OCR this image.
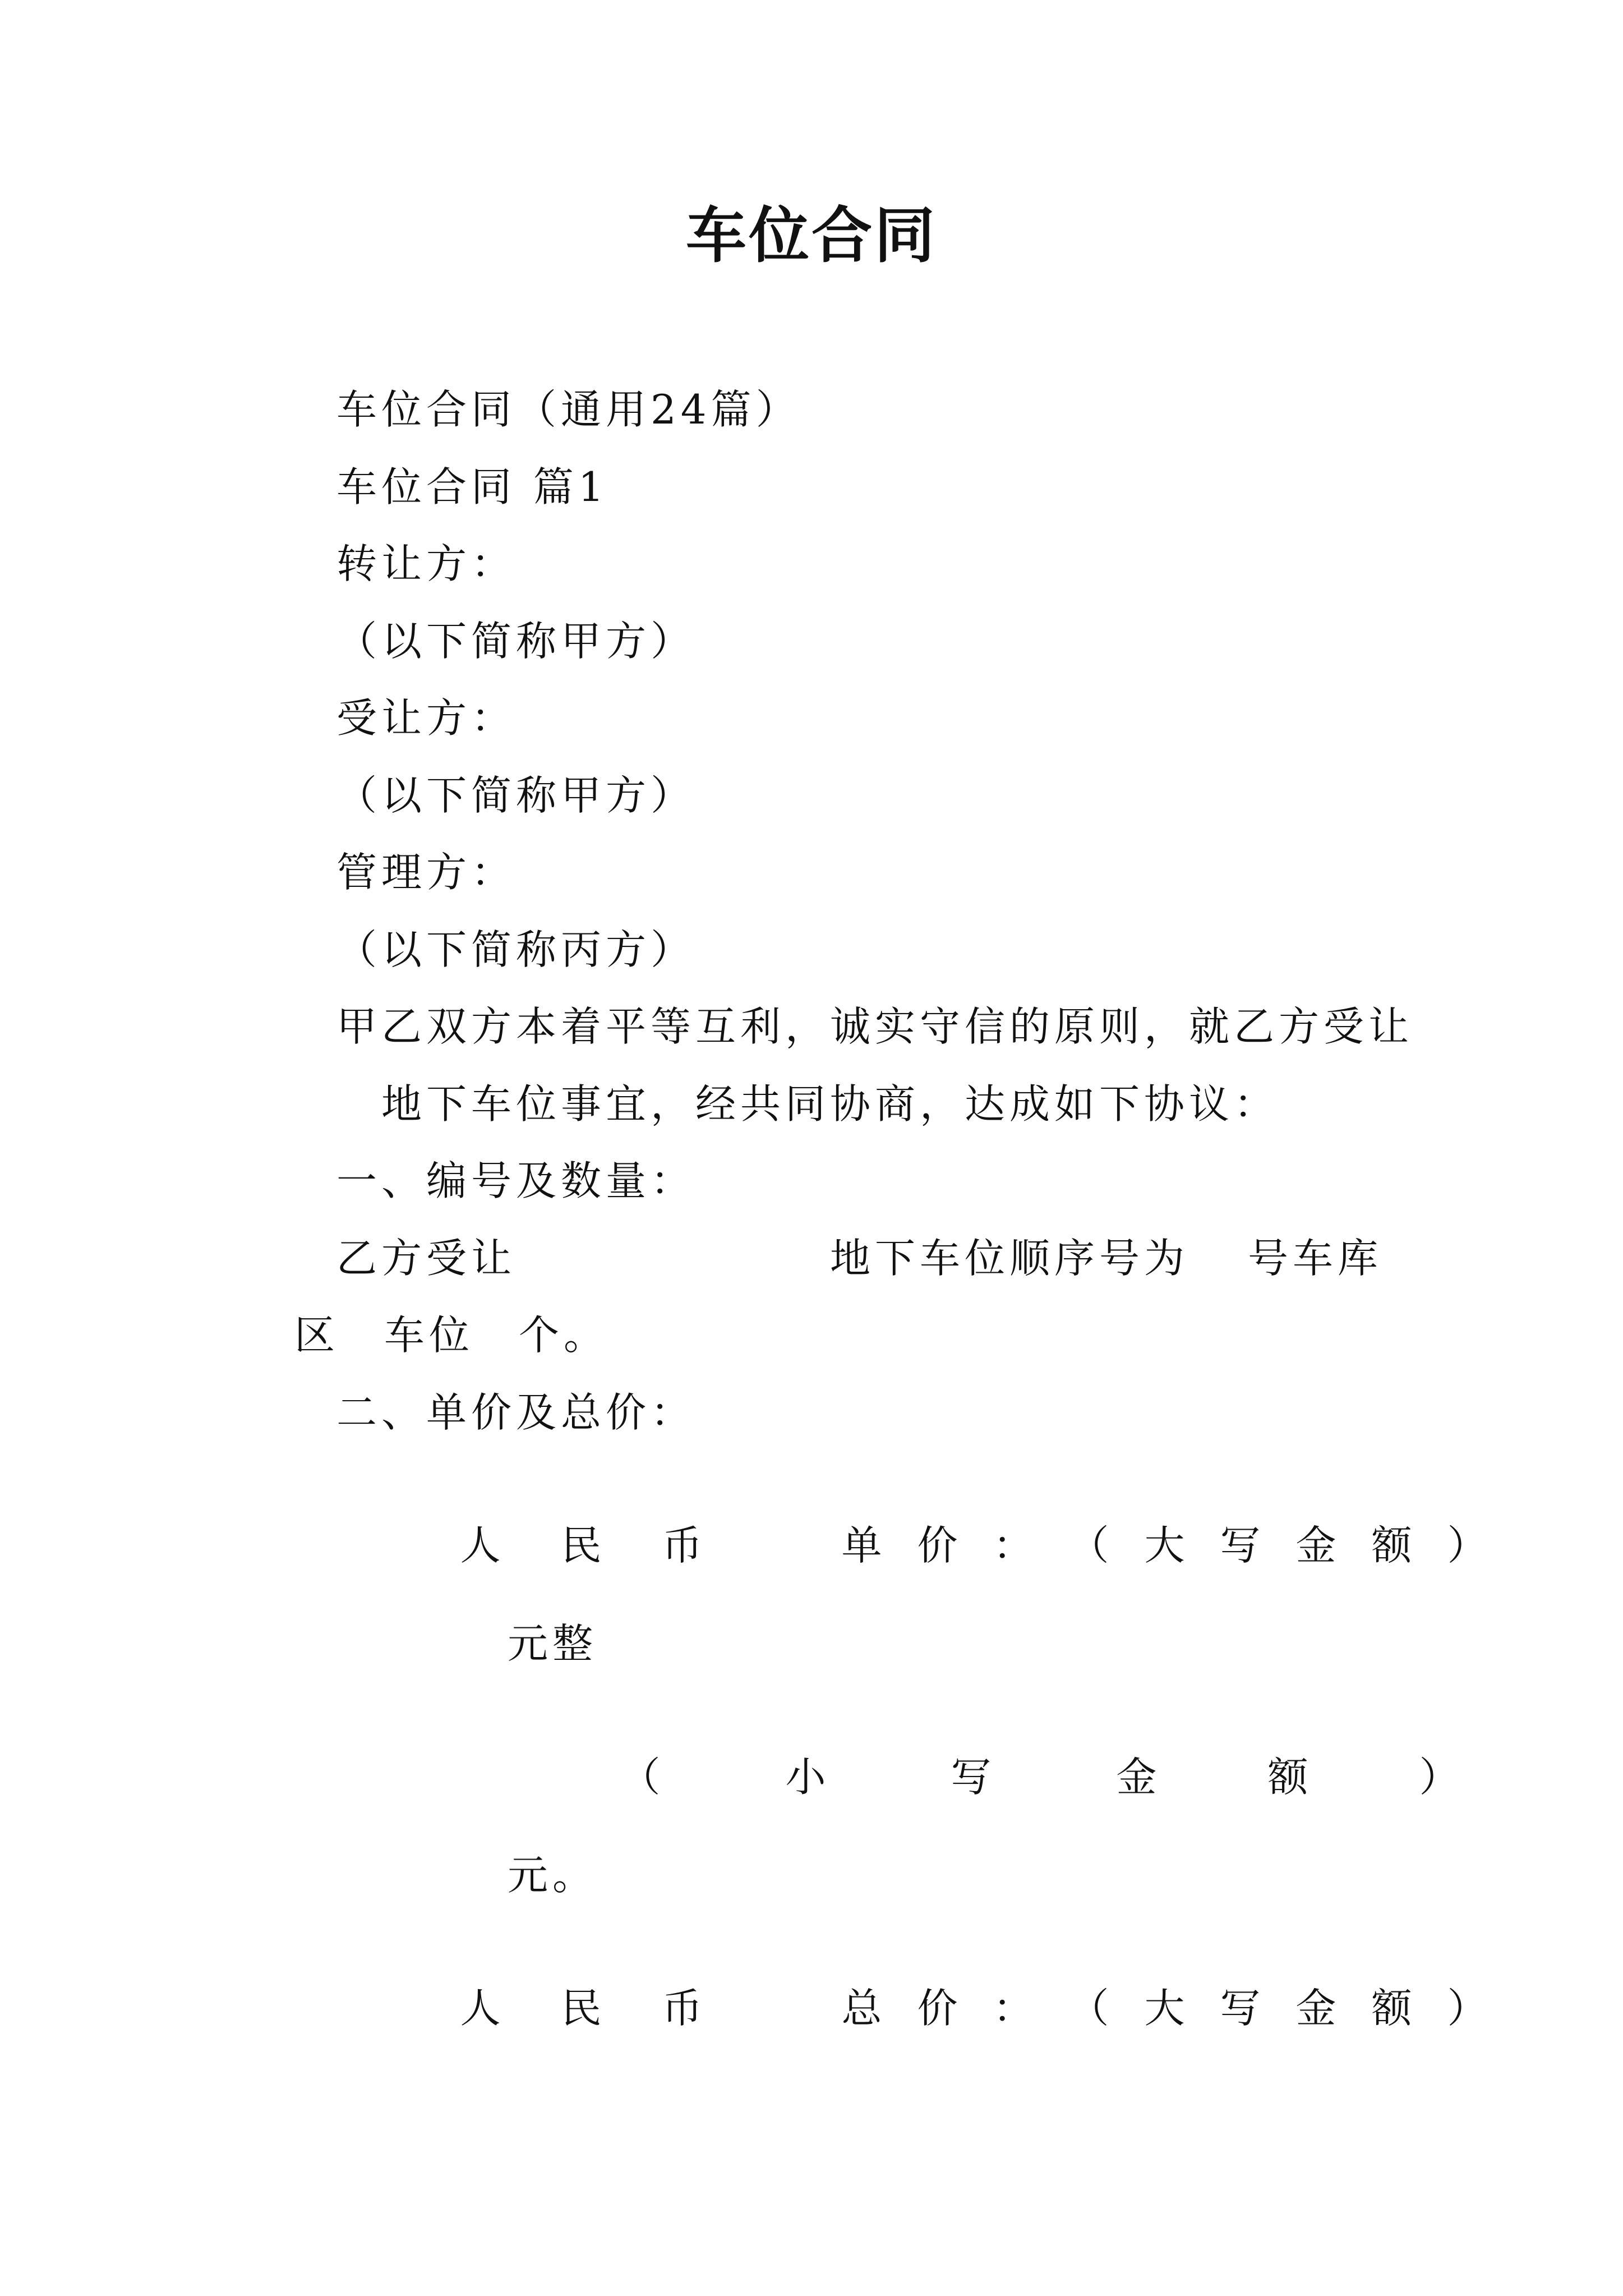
车位合同
车位合同（通用24篇）
车位合同 篇1
转让方：
（以下简称甲方）
受让方：
（以下简称甲方）
管理方：
（以下简称丙方）
甲乙双方本着平等互利，诚实守信的原则，就乙方受让
地下车位事宜，经共同协商，达成如下协议：
一、编号及数量：
乙方受让	地下车位顺序号为 号车库
区　车位　个。
二、单价及总价：

人 民 币	单 价 ： （ 大 写 金 额 ）

元整

（	小	写	金	额	）

元。

人 民 币	总 价 ： （ 大 写 金 额 ）
